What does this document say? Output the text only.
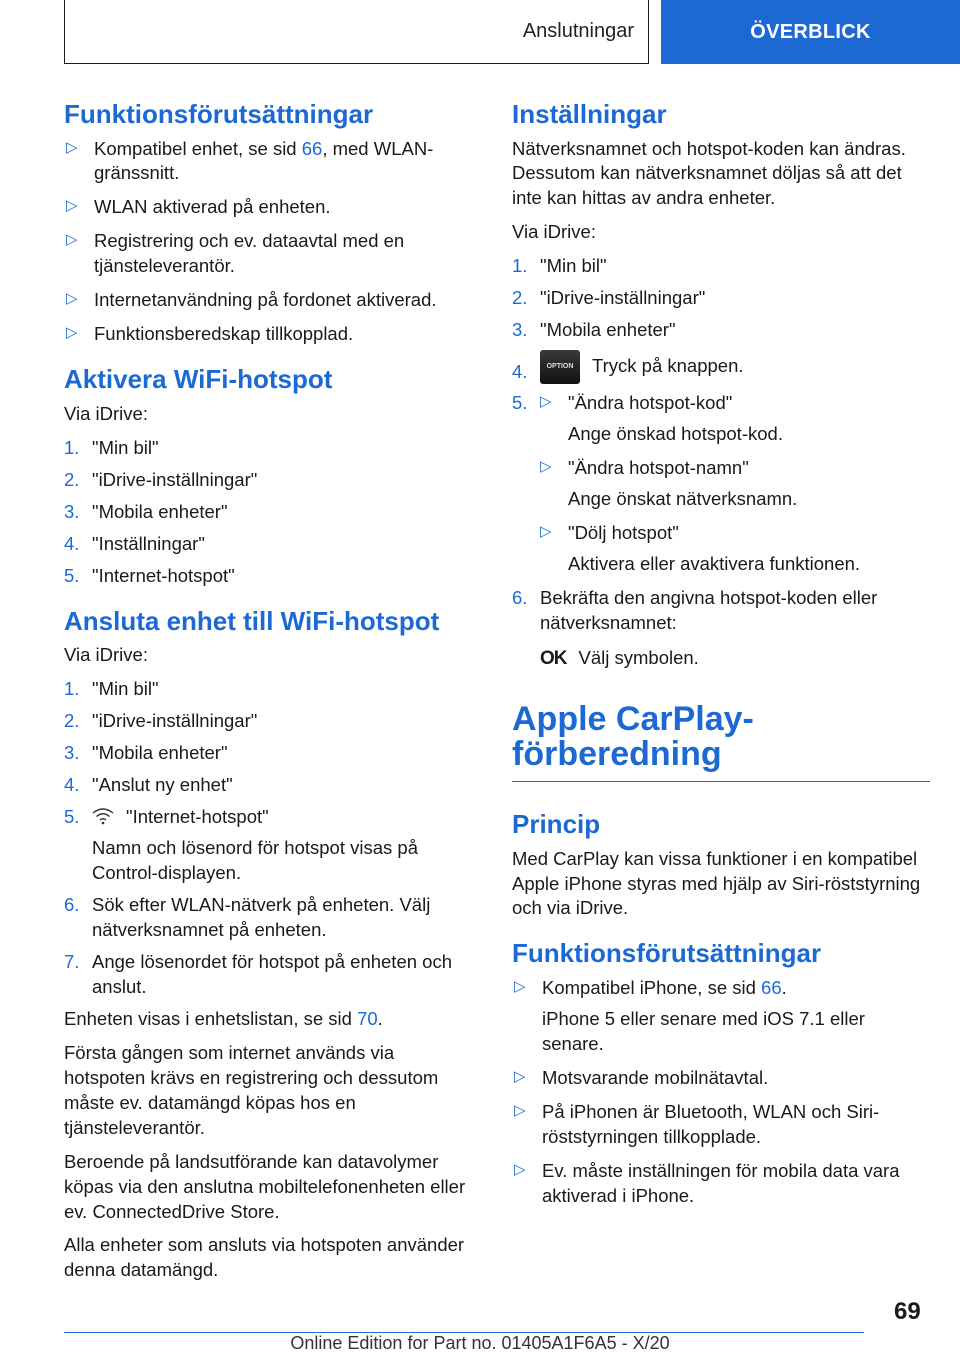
Anslutningar	ÖVERBLICK
Funktionsförutsättningar
▷ Kompatibel enhet, se sid 66, med WLAN-gränssnitt.
▷ WLAN aktiverad på enheten.
▷ Registrering och ev. dataavtal med en tjänsteleverantör.
▷ Internetanvändning på fordonet aktiverad.
▷ Funktionsberedskap tillkopplad.
Aktivera WiFi-hotspot

Via iDrive:

1. "Min bil"
2. "iDrive-inställningar"
3. "Mobila enheter"
4. "Inställningar"
5. "Internet-hotspot"
Ansluta enhet till WiFi-hotspot

Via iDrive:

1. "Min bil"
2. "iDrive-inställningar"
3. "Mobila enheter"
4. "Anslut ny enhet"
5.	"Internet-hotspot"
Namn och lösenord för hotspot visas på Control-displayen.
6. Sök efter WLAN-nätverk på enheten. Välj nätverksnamnet på enheten.
7. Ange lösenordet för hotspot på enheten och anslut.

Enheten visas i enhetslistan, se sid 70.

Första gången som internet används via hotspoten krävs en registrering och dessutom måste ev. datamängd köpas hos en tjänsteleverantör.

Beroende på landsutförande kan datavolymer köpas via den anslutna mobiltelefonenheten eller ev. ConnectedDrive Store.

Alla enheter som ansluts via hotspoten använder denna datamängd.

Inställningar

Nätverksnamnet och hotspot-koden kan ändras. Dessutom kan nätverksnamnet döljas så att det inte kan hittas av andra enheter.

Via iDrive:

1. "Min bil"
2. "iDrive-inställningar"
3. "Mobila enheter"
4.	OPTION Tryck på knappen.
5. ▷ "Ändra hotspot-kod"
Ange önskad hotspot-kod.
▷ "Ändra hotspot-namn"
Ange önskat nätverksnamn.
▷ "Dölj hotspot"
Aktivera eller avaktivera funktionen.
6. Bekräfta den angivna hotspot-koden eller nätverksnamnet:
OK Välj symbolen.
Apple CarPlay-förberedning
Princip

Med CarPlay kan vissa funktioner i en kompatibel Apple iPhone styras med hjälp av Siri-röststyrning och via iDrive.

Funktionsförutsättningar
▷ Kompatibel iPhone, se sid 66.
iPhone 5 eller senare med iOS 7.1 eller senare.
▷ Motsvarande mobilnätavtal.
▷ På iPhonen är Bluetooth, WLAN och Siri-röststyrningen tillkopplade.
▷ Ev. måste inställningen för mobila data vara aktiverad i iPhone.
69
Online Edition for Part no. 01405A1F6A5 - X/20
